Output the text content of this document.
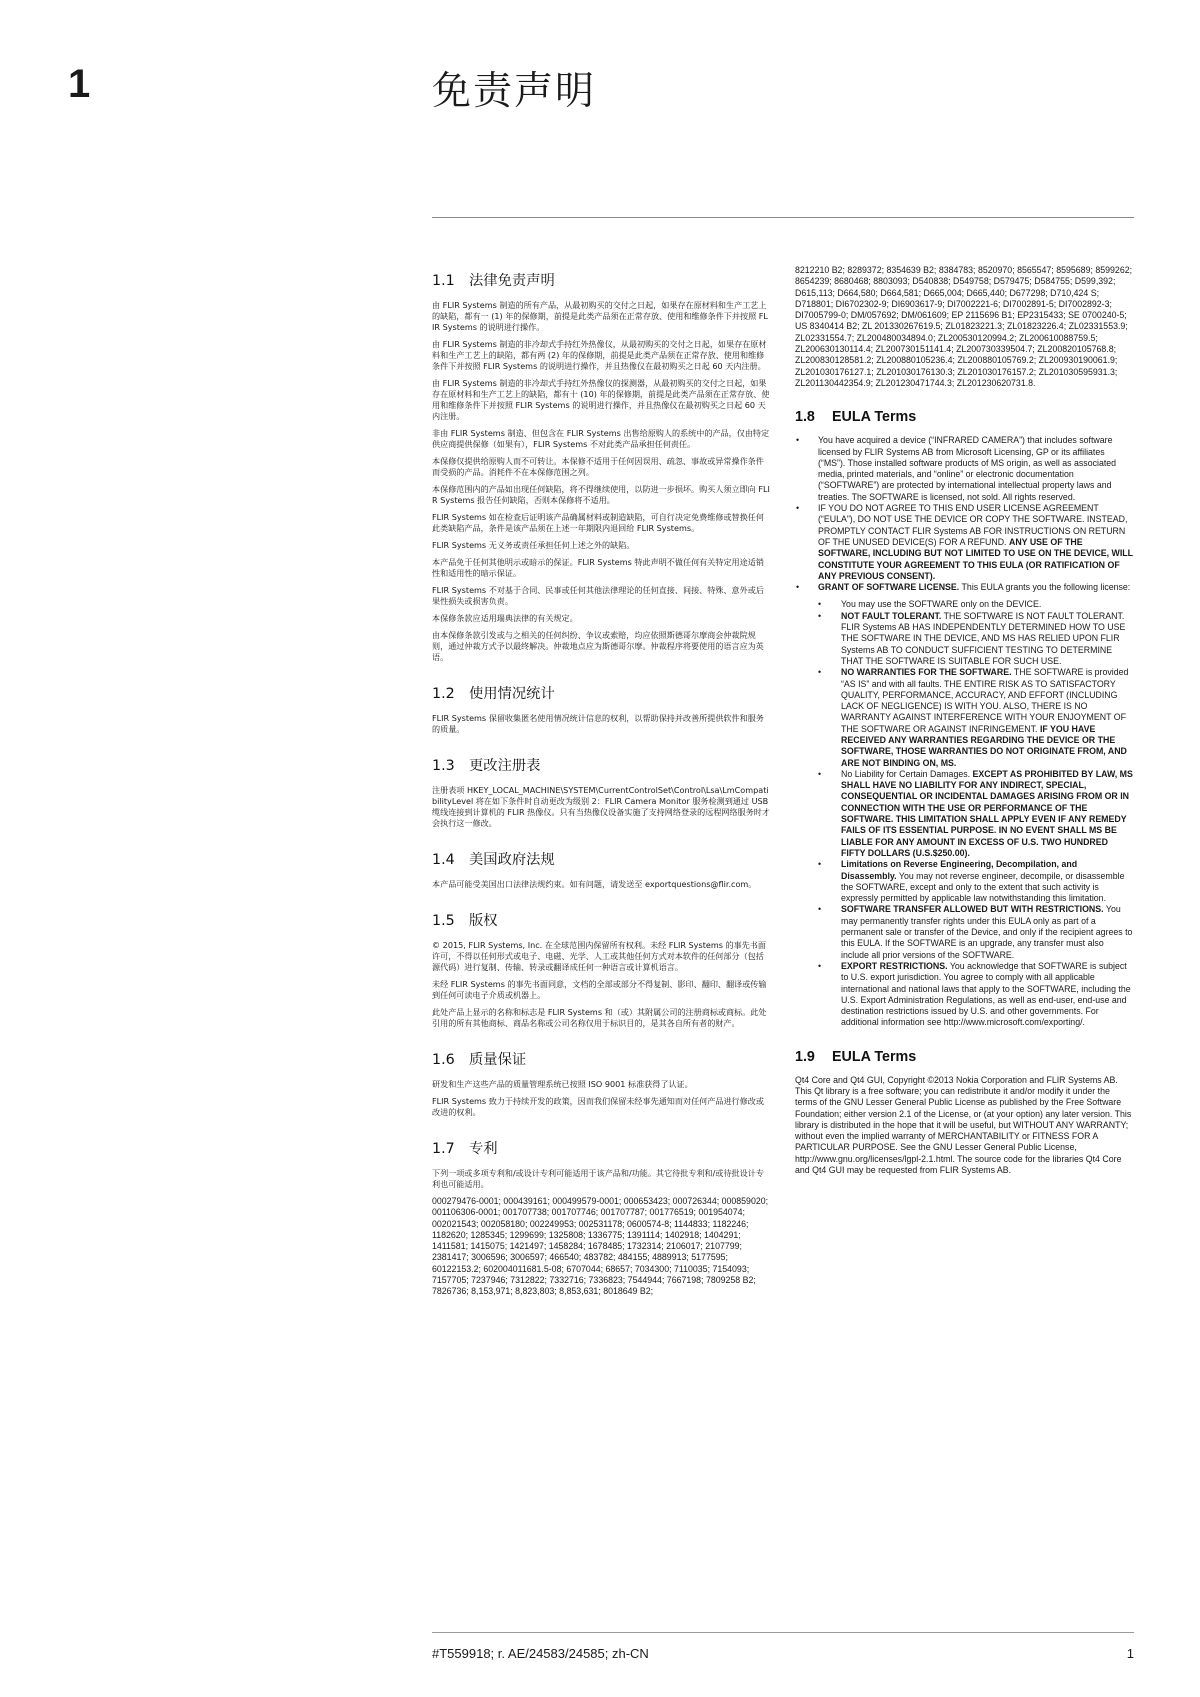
1	免责声明
1.1 法律免责声明

由 FLIR Systems 制造的所有产品，从最初购买的交付之日起，如果存在原材料和生产工艺上的缺陷，都有一 (1) 年的保修期，前提是此类产品须在正常存放、使用和维修条件下并按照 FLIR Systems 的说明进行操作。

由 FLIR Systems 制造的非冷却式手持红外热像仪，从最初购买的交付之日起，如果存在原材料和生产工艺上的缺陷，都有两 (2) 年的保修期，前提是此类产品须在正常存放、使用和维修条件下并按照 FLIR Systems 的说明进行操作，并且热像仪在最初购买之日起 60 天内注册。

由 FLIR Systems 制造的非冷却式手持红外热像仪的探测器，从最初购买的交付之日起，如果存在原材料和生产工艺上的缺陷，都有十 (10) 年的保修期，前提是此类产品须在正常存放、使用和维修条件下并按照 FLIR Systems 的说明进行操作，并且热像仪在最初购买之日起 60 天内注册。

非由 FLIR Systems 制造、但包含在 FLIR Systems 出售给原购人的系统中的产品，仅由特定供应商提供保修（如果有），FLIR Systems 不对此类产品承担任何责任。

本保修仅提供给原购人而不可转让。本保修不适用于任何因误用、疏忽、事故或异常操作条件而受损的产品。消耗件不在本保修范围之列。

本保修范围内的产品如出现任何缺陷，将不得继续使用，以防进一步损坏。购买人须立即向 FLIR Systems 报告任何缺陷，否则本保修将不适用。

FLIR Systems 如在检查后证明该产品确属材料或制造缺陷，可自行决定免费维修或替换任何此类缺陷产品，条件是该产品须在上述一年期限内退回给 FLIR Systems。

FLIR Systems 无义务或责任承担任何上述之外的缺陷。

本产品免于任何其他明示或暗示的保证。FLIR Systems 特此声明不做任何有关特定用途适销性和适用性的暗示保证。

FLIR Systems 不对基于合同、民事或任何其他法律理论的任何直接、间接、特殊、意外或后果性损失或损害负责。

本保修条款应适用瑞典法律的有关规定。

由本保修条款引发或与之相关的任何纠纷、争议或索赔，均应依照斯德哥尔摩商会仲裁院规则，通过仲裁方式予以最终解决。仲裁地点应为斯德哥尔摩。仲裁程序将要使用的语言应为英语。

1.2 使用情况统计

FLIR Systems 保留收集匿名使用情况统计信息的权利，以帮助保持并改善所提供软件和服务的质量。

1.3 更改注册表

注册表项 HKEY_LOCAL_MACHINE\SYSTEM\CurrentControlSet\Control\Lsa\LmCompatibilityLevel 将在如下条件时自动更改为级别 2：FLIR Camera Monitor 服务检测到通过 USB 缆线连接到计算机的 FLIR 热像仪。只有当热像仪设备实施了支持网络登录的远程网络服务时才会执行这一修改。

1.4 美国政府法规

本产品可能受美国出口法律法规约束。如有问题，请发送至 exportquestions@flir.com。

1.5 版权

© 2015, FLIR Systems, Inc. 在全球范围内保留所有权利。未经 FLIR Systems 的事先书面许可，不得以任何形式或电子、电磁、光学、人工或其他任何方式对本软件的任何部分（包括源代码）进行复制、传输、转录或翻译成任何一种语言或计算机语言。

未经 FLIR Systems 的事先书面同意，文档的全部或部分不得复制、影印、翻印、翻译或传输到任何可读电子介质或机器上。

此处产品上显示的名称和标志是 FLIR Systems 和（或）其附属公司的注册商标或商标。此处引用的所有其他商标、商品名称或公司名称仅用于标识目的，是其各自所有者的财产。

1.6 质量保证

研发和生产这些产品的质量管理系统已按照 ISO 9001 标准获得了认证。

FLIR Systems 致力于持续开发的政策，因而我们保留未经事先通知而对任何产品进行修改或改进的权利。

1.7 专利

下列一项或多项专利和/或设计专利可能适用于该产品和/功能。其它待批专利和/或待批设计专利也可能适用。

000279476-0001; 000439161; 000499579-0001; 000653423; 000726344; 000859020; 001106306-0001; 001707738; 001707746; 001707787; 001776519; 001954074; 002021543; 002058180; 002249953; 002531178; 0600574-8; 1144833; 1182246; 1182620; 1285345; 1299699; 1325808; 1336775; 1391114; 1402918; 1404291; 1411581; 1415075; 1421497; 1458284; 1678485; 1732314; 2106017; 2107799; 2381417; 3006596; 3006597; 466540; 483782; 484155; 4889913; 5177595; 60122153.2; 602004011681.5-08; 6707044; 68657; 7034300; 7110035; 7154093; 7157705; 7237946; 7312822; 7332716; 7336823; 7544944; 7667198; 7809258 B2; 7826736; 8,153,971; 8,823,803; 8,853,631; 8018649 B2;

8212210 B2; 8289372; 8354639 B2; 8384783; 8520970; 8565547; 8595689; 8599262; 8654239; 8680468; 8803093; D540838; D549758; D579475; D584755; D599,392; D615,113; D664,580; D664,581; D665,004; D665,440; D677298; D710,424 S; D718801; DI6702302-9; DI6903617-9; DI7002221-6; DI7002891-5; DI7002892-3; DI7005799-0; DM/057692; DM/061609; EP 2115696 B1; EP2315433; SE 0700240-5; US 8340414 B2; ZL 201330267619.5; ZL01823221.3; ZL01823226.4; ZL02331553.9; ZL02331554.7; ZL200480034894.0; ZL200530120994.2; ZL200610088759.5; ZL200630130114.4; ZL200730151141.4; ZL200730339504.7; ZL200820105768.8; ZL200830128581.2; ZL200880105236.4; ZL200880105769.2; ZL200930190061.9; ZL201030176127.1; ZL201030176130.3; ZL201030176157.2; ZL201030595931.3; ZL201130442354.9; ZL201230471744.3; ZL201230620731.8.

1.8 EULA Terms
• You have acquired a device (“INFRARED CAMERA”) that includes software licensed by FLIR Systems AB from Microsoft Licensing, GP or its affiliates (“MS”). Those installed software products of MS origin, as well as associated media, printed materials, and “online” or electronic documentation (“SOFTWARE”) are protected by international intellectual property laws and treaties. The SOFTWARE is licensed, not sold. All rights reserved.
• IF YOU DO NOT AGREE TO THIS END USER LICENSE AGREEMENT (“EULA”), DO NOT USE THE DEVICE OR COPY THE SOFTWARE. INSTEAD, PROMPTLY CONTACT FLIR Systems AB FOR INSTRUCTIONS ON RETURN OF THE UNUSED DEVICE(S) FOR A REFUND. ANY USE OF THE SOFTWARE, INCLUDING BUT NOT LIMITED TO USE ON THE DEVICE, WILL CONSTITUTE YOUR AGREEMENT TO THIS EULA (OR RATIFICATION OF ANY PREVIOUS CONSENT).
• GRANT OF SOFTWARE LICENSE. This EULA grants you the following license:
• You may use the SOFTWARE only on the DEVICE.
• NOT FAULT TOLERANT. THE SOFTWARE IS NOT FAULT TOLERANT. FLIR Systems AB HAS INDEPENDENTLY DETERMINED HOW TO USE THE SOFTWARE IN THE DEVICE, AND MS HAS RELIED UPON FLIR Systems AB TO CONDUCT SUFFICIENT TESTING TO DETERMINE THAT THE SOFTWARE IS SUITABLE FOR SUCH USE.
• NO WARRANTIES FOR THE SOFTWARE. THE SOFTWARE is provided “AS IS” and with all faults. THE ENTIRE RISK AS TO SATISFACTORY QUALITY, PERFORMANCE, ACCURACY, AND EFFORT (INCLUDING LACK OF NEGLIGENCE) IS WITH YOU. ALSO, THERE IS NO WARRANTY AGAINST INTERFERENCE WITH YOUR ENJOYMENT OF THE SOFTWARE OR AGAINST INFRINGEMENT. IF YOU HAVE RECEIVED ANY WARRANTIES REGARDING THE DEVICE OR THE SOFTWARE, THOSE WARRANTIES DO NOT ORIGINATE FROM, AND ARE NOT BINDING ON, MS.
• No Liability for Certain Damages. EXCEPT AS PROHIBITED BY LAW, MS SHALL HAVE NO LIABILITY FOR ANY INDIRECT, SPECIAL, CONSEQUENTIAL OR INCIDENTAL DAMAGES ARISING FROM OR IN CONNECTION WITH THE USE OR PERFORMANCE OF THE SOFTWARE. THIS LIMITATION SHALL APPLY EVEN IF ANY REMEDY FAILS OF ITS ESSENTIAL PURPOSE. IN NO EVENT SHALL MS BE LIABLE FOR ANY AMOUNT IN EXCESS OF U.S. TWO HUNDRED FIFTY DOLLARS (U.S.$250.00).
• Limitations on Reverse Engineering, Decompilation, and Disassembly. You may not reverse engineer, decompile, or disassemble the SOFTWARE, except and only to the extent that such activity is expressly permitted by applicable law notwithstanding this limitation.
• SOFTWARE TRANSFER ALLOWED BUT WITH RESTRICTIONS. You may permanently transfer rights under this EULA only as part of a permanent sale or transfer of the Device, and only if the recipient agrees to this EULA. If the SOFTWARE is an upgrade, any transfer must also include all prior versions of the SOFTWARE.
• EXPORT RESTRICTIONS. You acknowledge that SOFTWARE is subject to U.S. export jurisdiction. You agree to comply with all applicable international and national laws that apply to the SOFTWARE, including the U.S. Export Administration Regulations, as well as end-user, end-use and destination restrictions issued by U.S. and other governments. For additional information see http://www.microsoft.com/exporting/.
1.9 EULA Terms

Qt4 Core and Qt4 GUI, Copyright ©2013 Nokia Corporation and FLIR Systems AB. This Qt library is a free software; you can redistribute it and/or modify it under the terms of the GNU Lesser General Public License as published by the Free Software Foundation; either version 2.1 of the License, or (at your option) any later version. This library is distributed in the hope that it will be useful, but WITHOUT ANY WARRANTY; without even the implied warranty of MERCHANTABILITY or FITNESS FOR A PARTICULAR PURPOSE. See the GNU Lesser General Public License, http://www.gnu.org/licenses/lgpl-2.1.html. The source code for the libraries Qt4 Core and Qt4 GUI may be requested from FLIR Systems AB.

#T559918; r. AE/24583/24585; zh-CN	1
